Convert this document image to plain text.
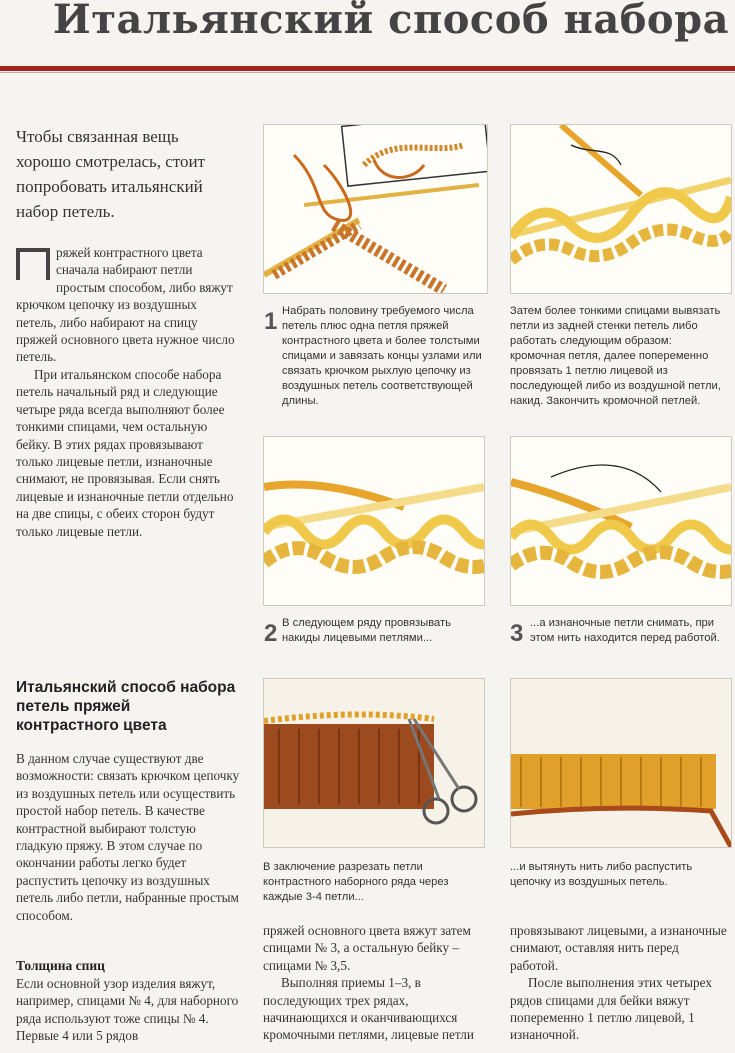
Итальянский способ набора
Чтобы связанная вещь хорошо смотрелась, стоит попробовать итальянский набор петель.
ряжей контрастного цвета сначала набирают петли простым способом, либо вяжут крючком цепочку из воздушных петель, либо набирают на спицу пряжей основного цвета нужное число петель.
При итальянском способе набора петель начальный ряд и следующие четыре ряда всегда выполняют более тонкими спицами, чем остальную бейку. В этих рядах провязывают только лицевые петли, изнаночные снимают, не провязывая. Если снять лицевые и изнаночные петли отдельно на две спицы, с обеих сторон будут только лицевые петли.
Итальянский способ набора петель пряжей контрастного цвета
В данном случае существуют две возможности: связать крючком цепочку из воздушных петель или осуществить простой набор петель. В качестве контрастной выбирают толстую гладкую пряжу. В этом случае по окончании работы легко будет распустить цепочку из воздушных петель либо петли, набранные простым способом.
Толщина спиц
Если основной узор изделия вяжут, например, спицами № 4, для наборного ряда используют тоже спицы № 4. Первые 4 или 5 рядов
1 Набрать половину требуемого числа петель плюс одна петля пряжей контрастного цвета и более толстыми спицами и завязать концы узлами или связать крючком рыхлую цепочку из воздушных петель соответствующей длины.
Затем более тонкими спицами вывязать петли из задней стенки петель либо работать следующим образом: кромочная петля, далее попеременно провязать 1 петлю лицевой из последующей либо из воздушной петли, накид. Закончить кромочной петлей.
2 В следующем ряду провязывать накиды лицевыми петлями...	3 ...а изнаночные петли снимать, при этом нить находится перед работой.
В заключение разрезать петли контрастного наборного ряда через каждые 3-4 петли...
...и вытянуть нить либо распустить цепочку из воздушных петель.
пряжей основного цвета вяжут затем спицами № 3, а остальную бейку – спицами № 3,5.
Выполняя приемы 1–3, в последующих трех рядах, начинающихся и оканчивающихся кромочными петлями, лицевые петли
провязывают лицевыми, а изнаночные снимают, оставляя нить перед работой.
После выполнения этих четырех рядов спицами для бейки вяжут попеременно 1 петлю лицевой, 1 изнаночной.
